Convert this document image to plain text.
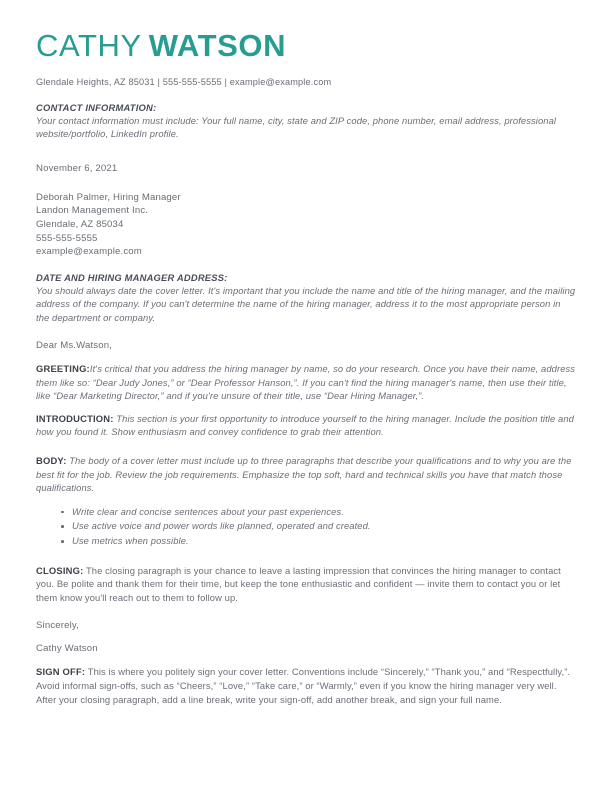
CATHY WATSON
Glendale Heights, AZ 85031 | 555-555-5555 | example@example.com
CONTACT INFORMATION:
Your contact information must include: Your full name, city, state and ZIP code, phone number, email address, professional website/portfolio, LinkedIn profile.
November 6, 2021
Deborah Palmer, Hiring Manager
Landon Management Inc.
Glendale, AZ 85034
555-555-5555
example@example.com
DATE AND HIRING MANAGER ADDRESS:
You should always date the cover letter. It's important that you include the name and title of the hiring manager, and the mailing address of the company. If you can't determine the name of the hiring manager, address it to the most appropriate person in the department or company.
Dear Ms.Watson,

GREETING:It's critical that you address the hiring manager by name, so do your research. Once you have their name, address them like so: “Dear Judy Jones,” or “Dear Professor Hanson,”. If you can't find the hiring manager's name, then use their title, like “Dear Marketing Director,” and if you're unsure of their title, use “Dear Hiring Manager,”.

INTRODUCTION: This section is your first opportunity to introduce yourself to the hiring manager. Include the position title and how you found it. Show enthusiasm and convey confidence to grab their attention.

BODY: The body of a cover letter must include up to three paragraphs that describe your qualifications and to why you are the best fit for the job. Review the job requirements. Emphasize the top soft, hard and technical skills you have that match those qualifications.

Write clear and concise sentences about your past experiences.
Use active voice and power words like planned, operated and created.
Use metrics when possible.

CLOSING: The closing paragraph is your chance to leave a lasting impression that convinces the hiring manager to contact you. Be polite and thank them for their time, but keep the tone enthusiastic and confident — invite them to contact you or let them know you'll reach out to them to follow up.

Sincerely,
Cathy Watson

SIGN OFF: This is where you politely sign your cover letter. Conventions include “Sincerely,” “Thank you,” and “Respectfully,”. Avoid informal sign-offs, such as “Cheers,” “Love,” “Take care,” or “Warmly,” even if you know the hiring manager very well. After your closing paragraph, add a line break, write your sign-off, add another break, and sign your full name.
